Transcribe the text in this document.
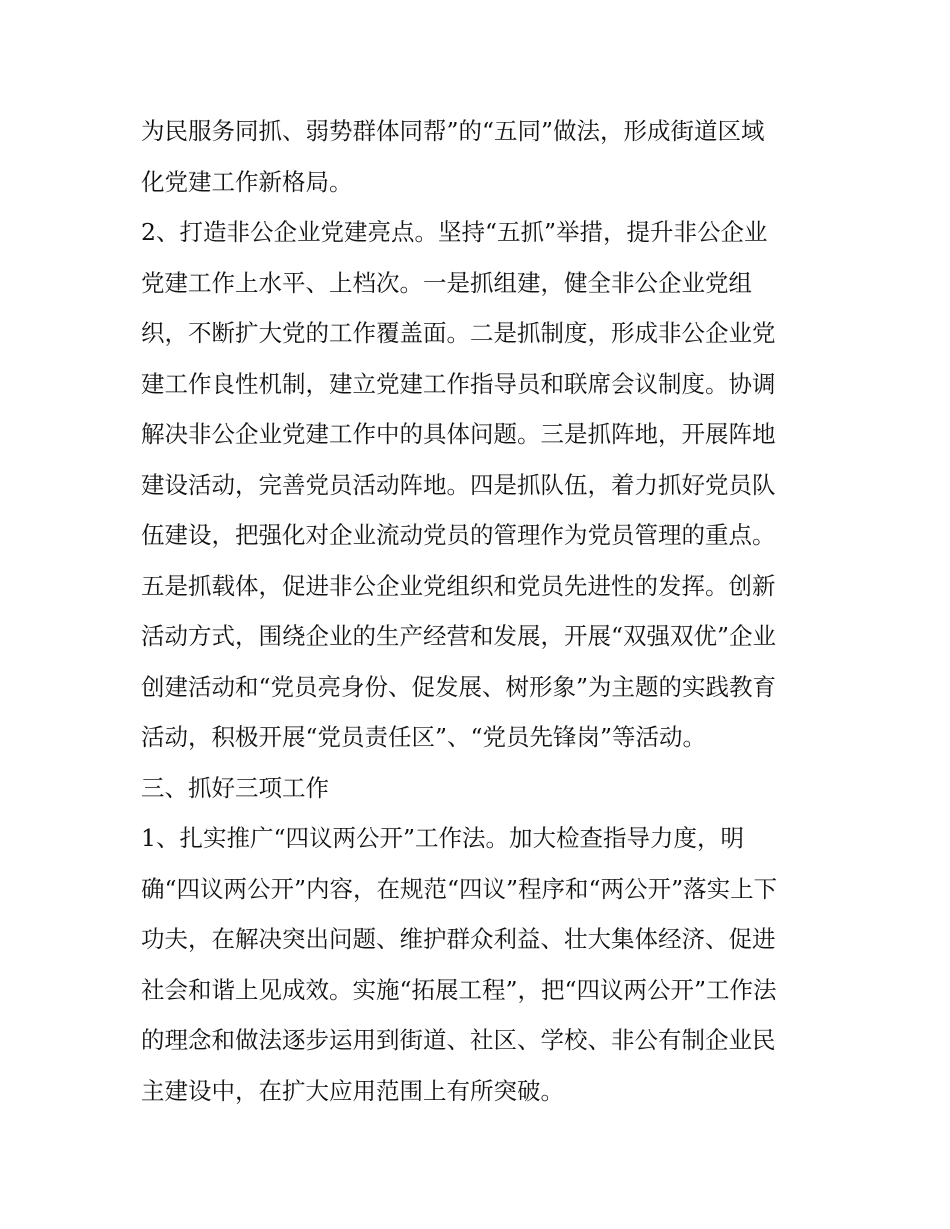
为民服务同抓、弱势群体同帮”的“五同”做法，形成街道区域
化党建工作新格局。
2、打造非公企业党建亮点。坚持“五抓”举措，提升非公企业
党建工作上水平、上档次。一是抓组建，健全非公企业党组
织，不断扩大党的工作覆盖面。二是抓制度，形成非公企业党
建工作良性机制，建立党建工作指导员和联席会议制度。协调
解决非公企业党建工作中的具体问题。三是抓阵地，开展阵地
建设活动，完善党员活动阵地。四是抓队伍，着力抓好党员队
伍建设，把强化对企业流动党员的管理作为党员管理的重点。
五是抓载体，促进非公企业党组织和党员先进性的发挥。创新
活动方式，围绕企业的生产经营和发展，开展“双强双优”企业
创建活动和“党员亮身份、促发展、树形象”为主题的实践教育
活动，积极开展“党员责任区”、“党员先锋岗”等活动。
三、抓好三项工作
1、扎实推广“四议两公开”工作法。加大检查指导力度，明
确“四议两公开”内容，在规范“四议”程序和“两公开”落实上下
功夫，在解决突出问题、维护群众利益、壮大集体经济、促进
社会和谐上见成效。实施“拓展工程”，把“四议两公开”工作法
的理念和做法逐步运用到街道、社区、学校、非公有制企业民
主建设中，在扩大应用范围上有所突破。
